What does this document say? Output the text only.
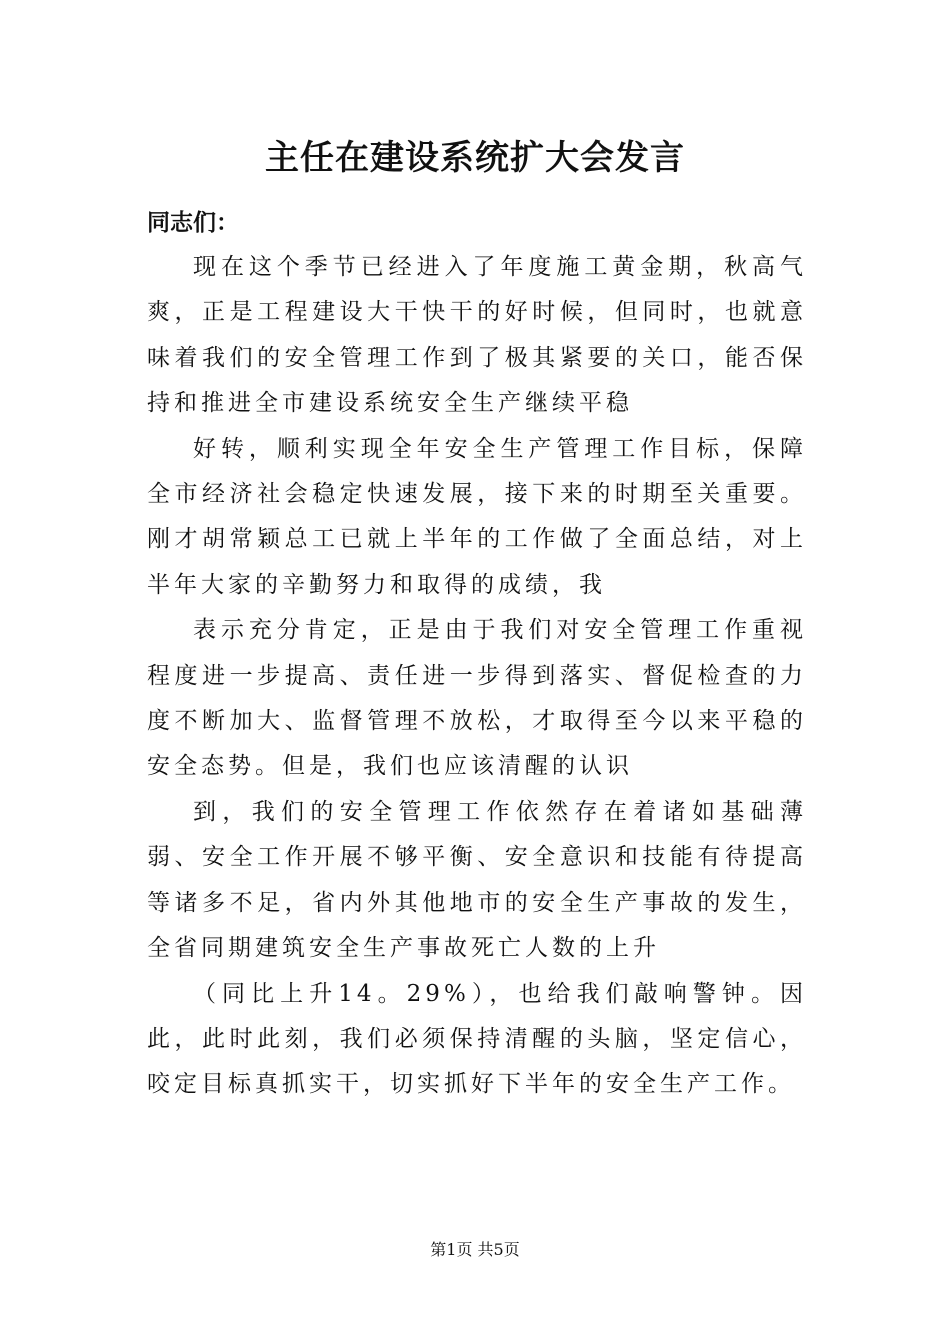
主任在建设系统扩大会发言
同志们：

现在这个季节已经进入了年度施工黄金期，秋高气爽，正是工程建设大干快干的好时候，但同时，也就意味着我们的安全管理工作到了极其紧要的关口，能否保持和推进全市建设系统安全生产继续平稳

好转，顺利实现全年安全生产管理工作目标，保障全市经济社会稳定快速发展，接下来的时期至关重要。刚才胡常颖总工已就上半年的工作做了全面总结，对上半年大家的辛勤努力和取得的成绩，我

表示充分肯定，正是由于我们对安全管理工作重视程度进一步提高、责任进一步得到落实、督促检查的力度不断加大、监督管理不放松，才取得至今以来平稳的安全态势。但是，我们也应该清醒的认识

到，我们的安全管理工作依然存在着诸如基础薄弱、安全工作开展不够平衡、安全意识和技能有待提高等诸多不足，省内外其他地市的安全生产事故的发生，全省同期建筑安全生产事故死亡人数的上升

（同比上升14。29%），也给我们敲响警钟。因此，此时此刻，我们必须保持清醒的头脑，坚定信心，咬定目标真抓实干，切实抓好下半年的安全生产工作。

第1页 共5页
